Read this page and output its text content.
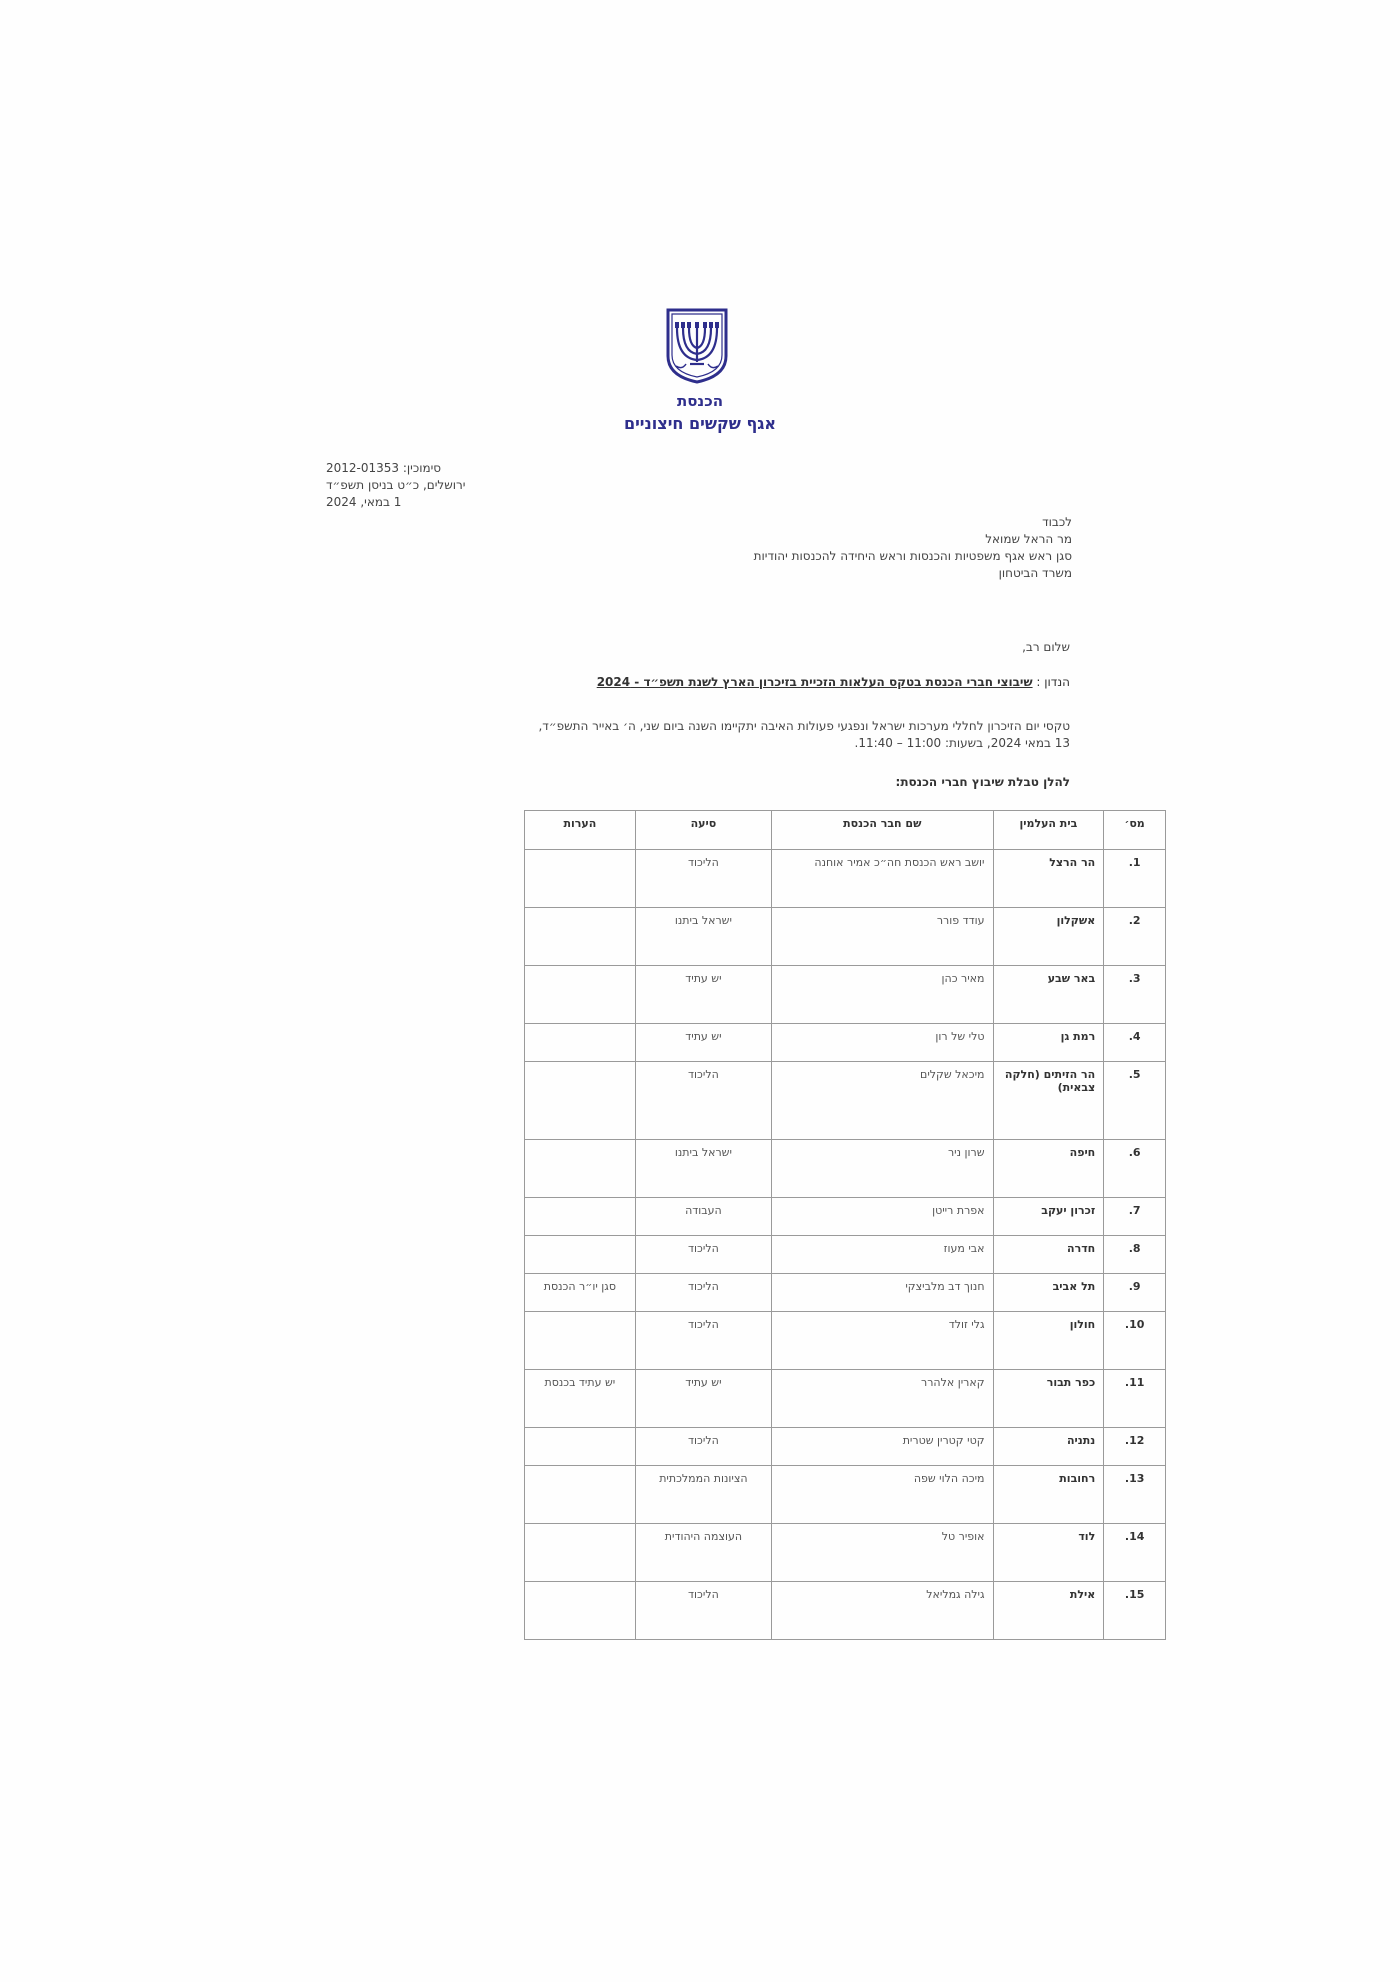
הכנסת
אגף שקשים חיצוניים
סימוכין: 2012-01353
ירושלים, כ״ט בניסן תשפ״ד
1 במאי, 2024
לכבוד
מר הראל שמואל
סגן ראש אגף משפטיות והכנסות וראש היחידה להכנסות יהודיות
משרד הביטחון
שלום רב,
הנדון : שיבוצי חברי הכנסת בטקס העלאות הזכיית בזיכרון הארץ לשנת תשפ״ד - 2024
טקסי יום הזיכרון לחללי מערכות ישראל ונפגעי פעולות האיבה יתקיימו השנה ביום שני, ה׳ באייר התשפ״ד,
13 במאי 2024, בשעות: 11:00 – 11:40.
להלן טבלת שיבוץ חברי הכנסת:
מס׳	בית העלמין	שם חבר הכנסת	סיעה	הערות
1.	הר הרצל	יושב ראש הכנסת חה״כ אמיר אוחנה	הליכוד	
2.	אשקלון	עודד פורר	ישראל ביתנו	
3.	באר שבע	מאיר כהן	יש עתיד	
4.	רמת גן	טלי של רון	יש עתיד	
5.	הר הזיתים (חלקה צבאית)	מיכאל שקלים	הליכוד	
6.	חיפה	שרון ניר	ישראל ביתנו	
7.	זכרון יעקב	אפרת רייטן	העבודה	
8.	חדרה	אבי מעוז	הליכוד	
9.	תל אביב	חנוך דב מלביצקי	הליכוד	סגן יו״ר הכנסת
10.	חולון	גלי זולד	הליכוד	
11.	כפר תבור	קארין אלהרר	יש עתיד	יש עתיד בכנסת
12.	נתניה	קטי קטרין שטרית	הליכוד	
13.	רחובות	מיכה הלוי שפה	הציונות הממלכתית	
14.	לוד	אופיר טל	העוצמה היהודית	
15.	אילת	גילה גמליאל	הליכוד	
